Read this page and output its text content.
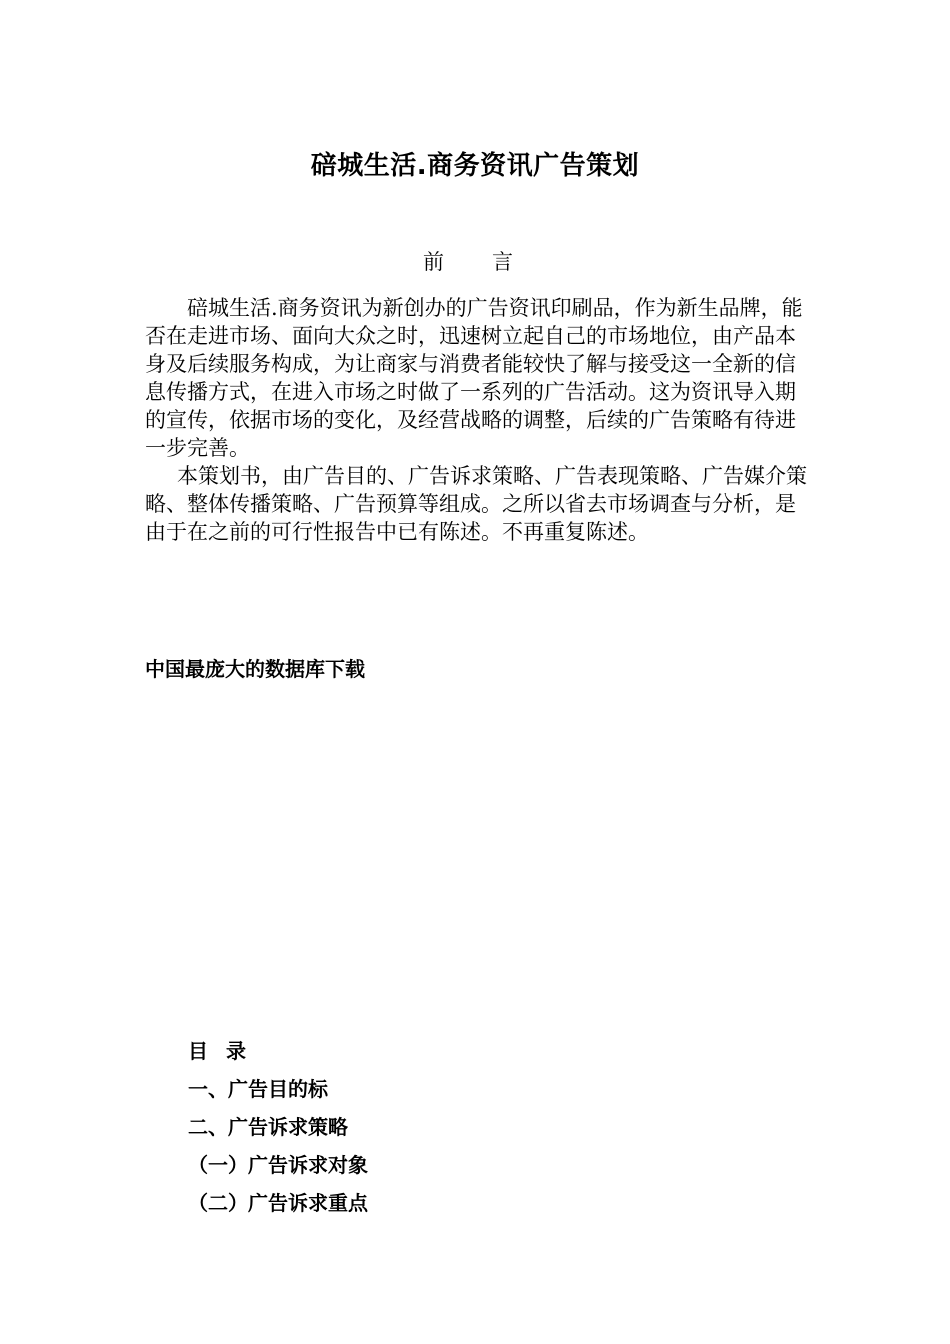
碚城生活.商务资讯广告策划
前言

碚城生活.商务资讯为新创办的广告资讯印刷品，作为新生品牌，能否在走进市场、面向大众之时，迅速树立起自己的市场地位，由产品本身及后续服务构成，为让商家与消费者能较快了解与接受这一全新的信息传播方式，在进入市场之时做了一系列的广告活动。这为资讯导入期的宣传，依据市场的变化，及经营战略的调整，后续的广告策略有待进一步完善。

本策划书，由广告目的、广告诉求策略、广告表现策略、广告媒介策略、整体传播策略、广告预算等组成。之所以省去市场调查与分析，是由于在之前的可行性报告中已有陈述。不再重复陈述。

中国最庞大的数据库下载
目录
一、广告目的标
二、广告诉求策略
（一）广告诉求对象
（二）广告诉求重点
